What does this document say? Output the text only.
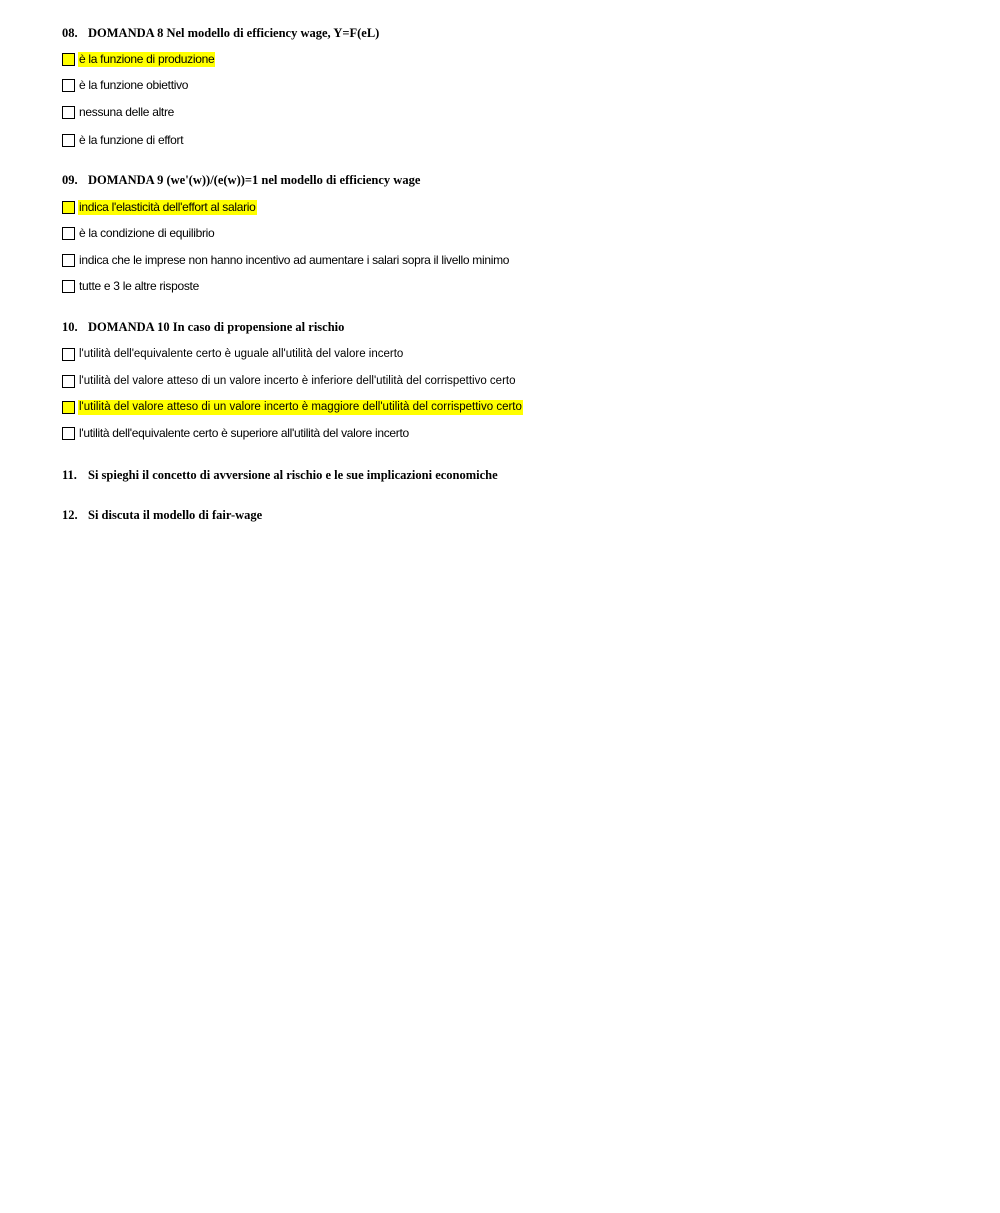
08. DOMANDA 8 Nel modello di efficiency wage, Y=F(eL)
è la funzione di produzione
è la funzione obiettivo
nessuna delle altre
è la funzione di effort
09. DOMANDA 9 (we'(w))/(e(w))=1 nel modello di efficiency wage
indica l'elasticità dell'effort al salario
è la condizione di equilibrio
indica che le imprese non hanno incentivo ad aumentare i salari sopra il livello minimo
tutte e 3 le altre risposte
10. DOMANDA 10 In caso di propensione al rischio
l'utilità dell'equivalente certo è uguale all'utilità del valore incerto
l'utilità del valore atteso di un valore incerto è inferiore dell'utilità del corrispettivo certo
l'utilità del valore atteso di un valore incerto è maggiore dell'utilità del corrispettivo certo
l'utilità dell'equivalente certo è superiore all'utilità del valore incerto
11. Si spieghi il concetto di avversione al rischio e le sue implicazioni economiche
12. Si discuta il modello di fair-wage
